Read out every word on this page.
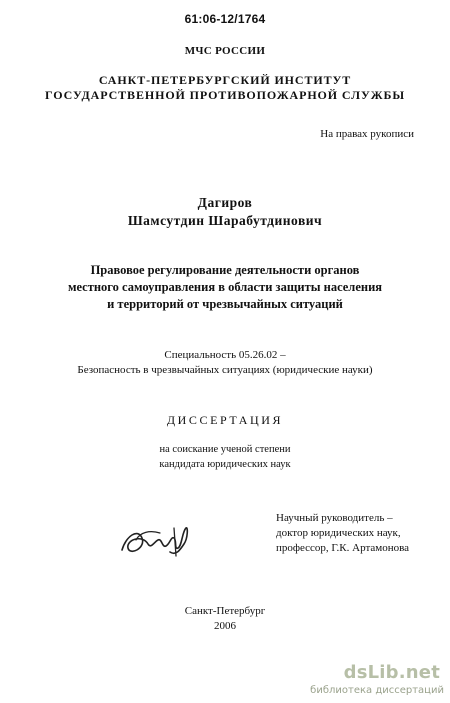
61:06-12/1764
МЧС РОССИИ
САНКТ-ПЕТЕРБУРГСКИЙ ИНСТИТУТ
ГОСУДАРСТВЕННОЙ ПРОТИВОПОЖАРНОЙ СЛУЖБЫ
На правах рукописи
Дагиров
Шамсутдин Шарабутдинович
Правовое регулирование деятельности органов
местного самоуправления в области защиты населения
и территорий от чрезвычайных ситуаций
Специальность 05.26.02 –
Безопасность в чрезвычайных ситуациях (юридические науки)
ДИССЕРТАЦИЯ
на соискание ученой степени
кандидата юридических наук
Научный руководитель –
доктор юридических наук,
профессор, Г.К. Артамонова
Санкт-Петербург
2006
dsLib.net
библиотека диссертаций
